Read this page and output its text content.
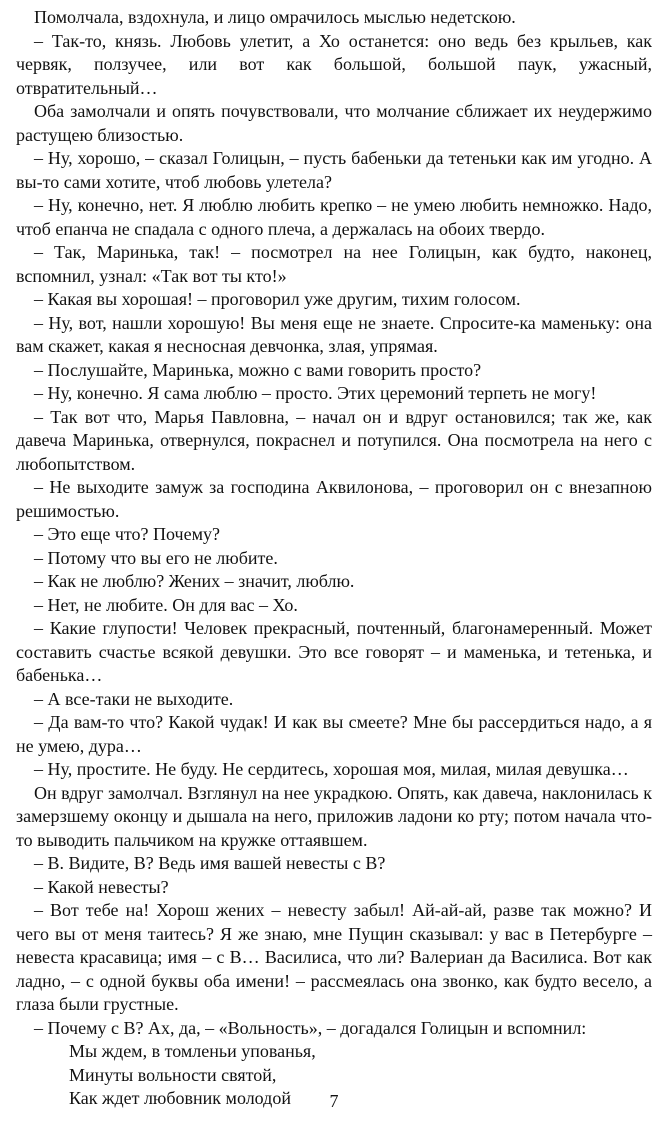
Помолчала, вздохнула, и лицо омрачилось мыслью недетскою.

– Так-то, князь. Любовь улетит, а Хо останется: оно ведь без крыльев, как червяк, ползучее, или вот как большой, большой паук, ужасный, отвратительный…

Оба замолчали и опять почувствовали, что молчание сближает их неудержимо растущею близостью.

– Ну, хорошо, – сказал Голицын, – пусть бабеньки да тетеньки как им угодно. А вы-то сами хотите, чтоб любовь улетела?

– Ну, конечно, нет. Я люблю любить крепко – не умею любить немножко. Надо, чтоб епанча не спадала с одного плеча, а держалась на обоих твердо.

– Так, Маринька, так! – посмотрел на нее Голицын, как будто, наконец, вспомнил, узнал: «Так вот ты кто!»

– Какая вы хорошая! – проговорил уже другим, тихим голосом.

– Ну, вот, нашли хорошую! Вы меня еще не знаете. Спросите-ка маменьку: она вам скажет, какая я несносная девчонка, злая, упрямая.

– Послушайте, Маринька, можно с вами говорить просто?

– Ну, конечно. Я сама люблю – просто. Этих церемоний терпеть не могу!

– Так вот что, Марья Павловна, – начал он и вдруг остановился; так же, как давеча Маринька, отвернулся, покраснел и потупился. Она посмотрела на него с любопытством.

– Не выходите замуж за господина Аквилонова, – проговорил он с внезапною решимостью.

– Это еще что? Почему?

– Потому что вы его не любите.

– Как не люблю? Жених – значит, люблю.

– Нет, не любите. Он для вас – Хо.

– Какие глупости! Человек прекрасный, почтенный, благонамеренный. Может составить счастье всякой девушки. Это все говорят – и маменька, и тетенька, и бабенька…

– А все-таки не выходите.

– Да вам-то что? Какой чудак! И как вы смеете? Мне бы рассердиться надо, а я не умею, дура…

– Ну, простите. Не буду. Не сердитесь, хорошая моя, милая, милая девушка…

Он вдруг замолчал. Взглянул на нее украдкою. Опять, как давеча, наклонилась к замерзшему оконцу и дышала на него, приложив ладони ко рту; потом начала что-то выводить пальчиком на кружке оттаявшем.

– В. Видите, В? Ведь имя вашей невесты с В?

– Какой невесты?

– Вот тебе на! Хорош жених – невесту забыл! Ай-ай-ай, разве так можно? И чего вы от меня таитесь? Я же знаю, мне Пущин сказывал: у вас в Петербурге – невеста красавица; имя – с В… Василиса, что ли? Валериан да Василиса. Вот как ладно, – с одной буквы оба имени! – рассмеялась она звонко, как будто весело, а глаза были грустные.

– Почему с В? Ах, да, – «Вольность», – догадался Голицын и вспомнил:

Мы ждем, в томленьи упованья,

Минуты вольности святой,

Как ждет любовник молодой	7
